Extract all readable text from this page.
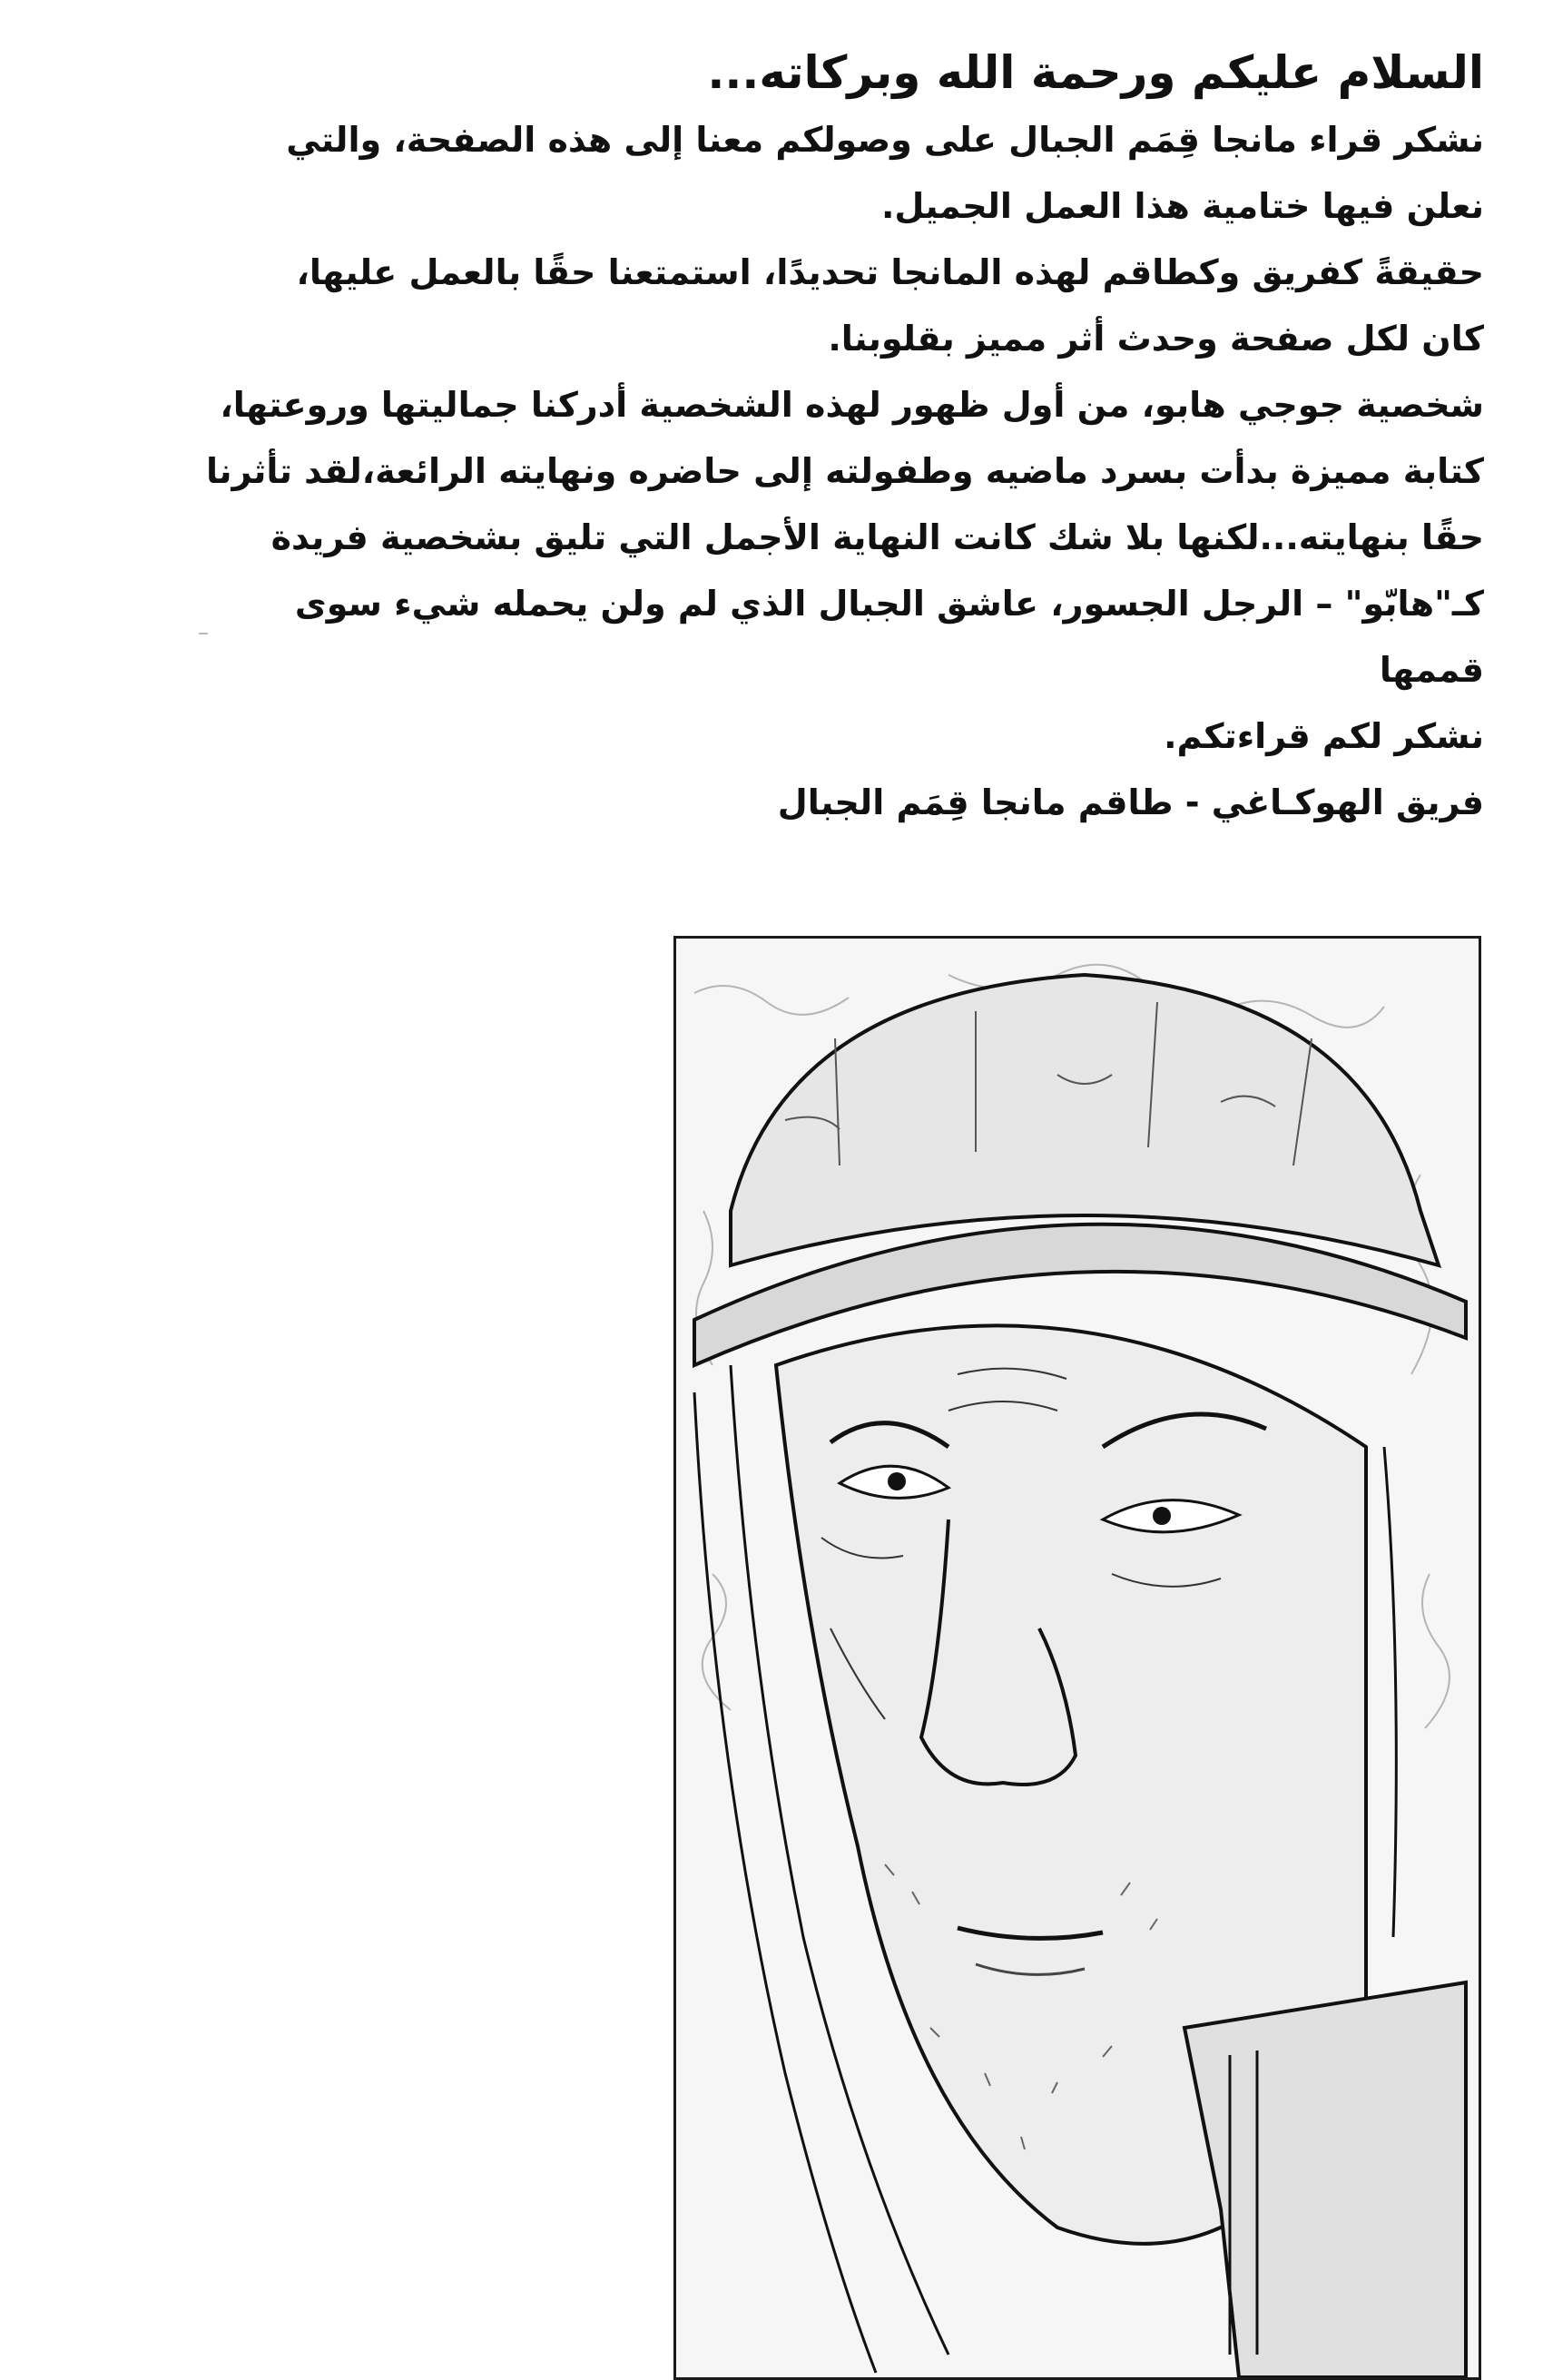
السلام عليكم ورحمة الله وبركاته...

نشكر قراء مانجا قِمَم الجبال على وصولكم معنا إلى هذه الصفحة، والتي

نعلن فيها ختامية هذا العمل الجميل.

حقيقةً كفريق وكطاقم لهذه المانجا تحديدًا، استمتعنا حقًا بالعمل عليها،

كان لكل صفحة وحدث أثر مميز بقلوبنا.

شخصية جوجي هابو، من أول ظهور لهذه الشخصية أدركنا جماليتها وروعتها،

كتابة مميزة بدأت بسرد ماضيه وطفولته إلى حاضره ونهايته الرائعة،لقد تأثرنا

حقًا بنهايته...لكنها بلا شك كانت النهاية الأجمل التي تليق بشخصية فريدة

كـ"هابّو" – الرجل الجسور، عاشق الجبال الذي لم ولن يحمله شيء سوى

قممها

نشكر لكم قراءتكم.

فريق الهوكـاغي - طاقم مانجا قِمَم الجبال
